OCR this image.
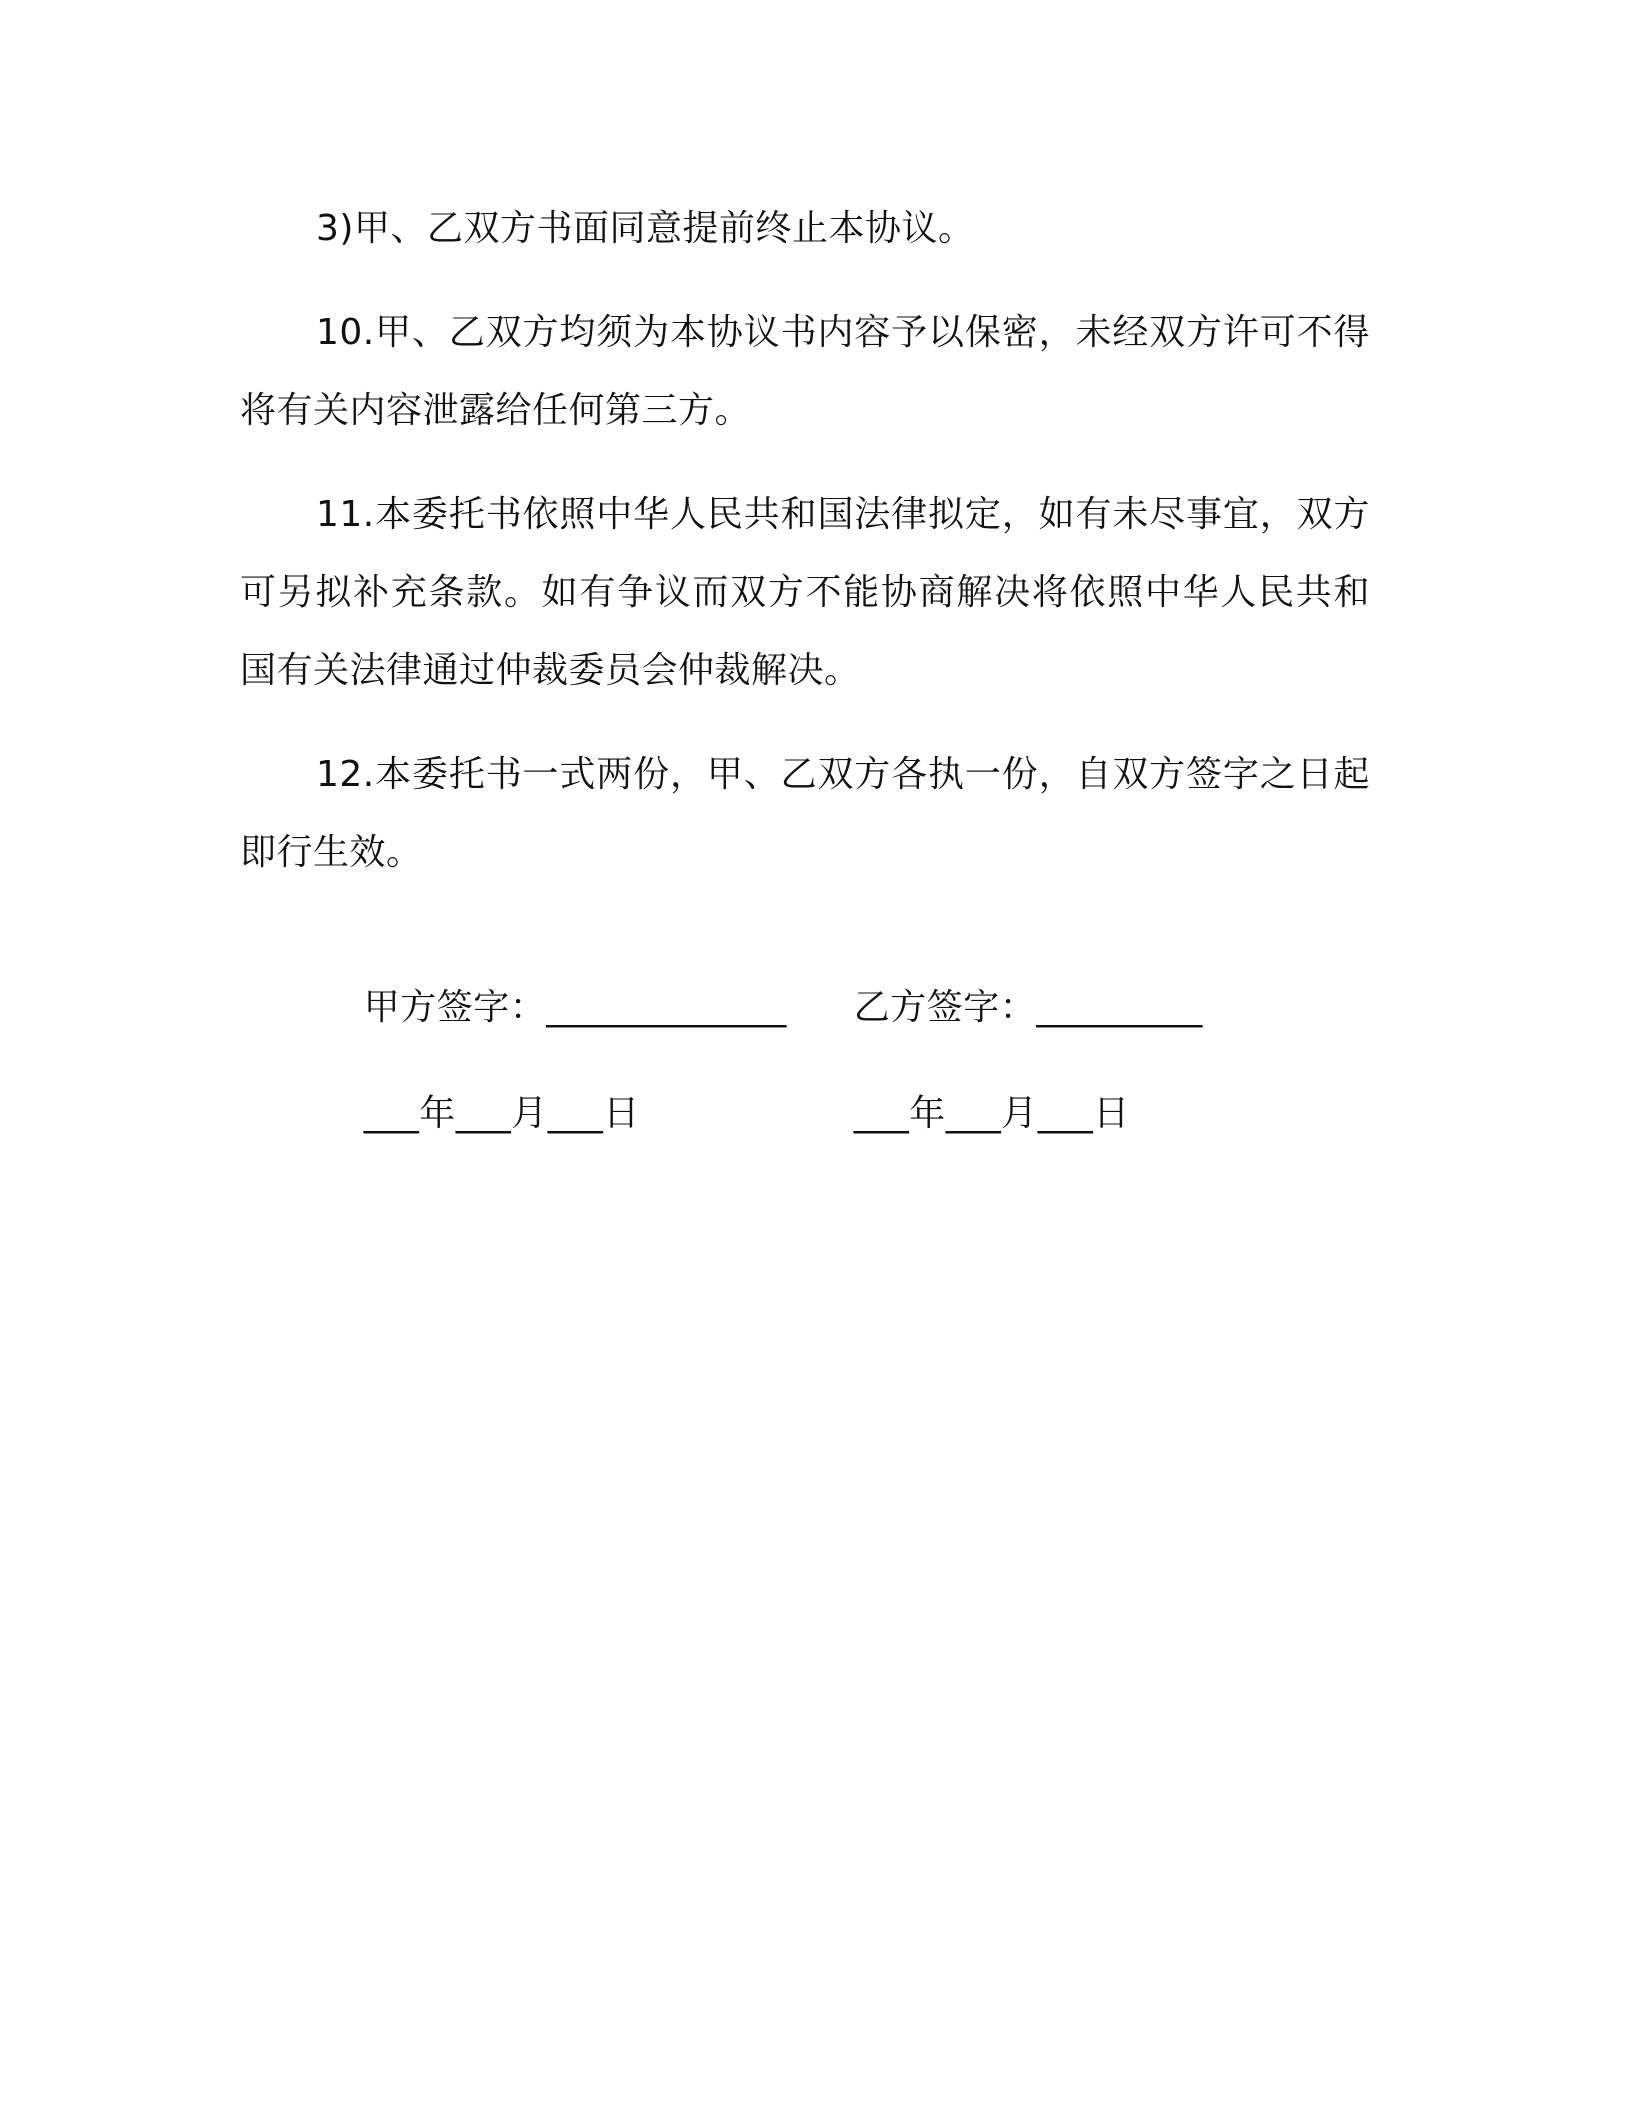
3)甲、乙双方书面同意提前终止本协议。

10.甲、乙双方均须为本协议书内容予以保密，未经双方许可不得将有关内容泄露给任何第三方。

11.本委托书依照中华人民共和国法律拟定，如有未尽事宜，双方可另拟补充条款。如有争议而双方不能协商解决将依照中华人民共和国有关法律通过仲裁委员会仲裁解决。

12.本委托书一式两份，甲、乙双方各执一份，自双方签字之日起即行生效。

甲方签字：_____________ 乙方签字：_________

___年___月___日	___年___月___日
